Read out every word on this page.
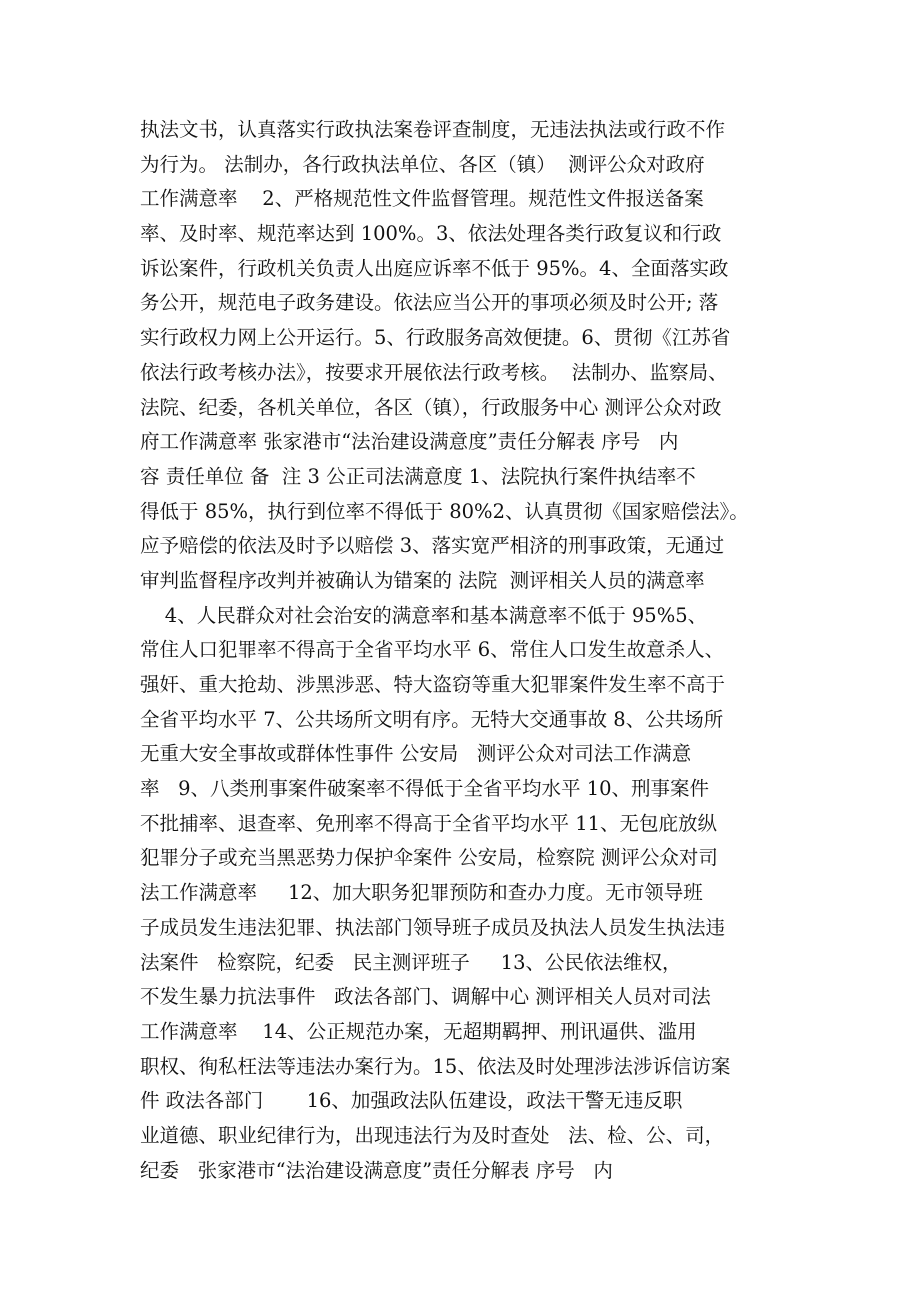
执法文书，认真落实行政执法案卷评查制度，无违法执法或行政不作
为行为。 法制办，各行政执法单位、各区（镇）  测评公众对政府
工作满意率    2、严格规范性文件监督管理。规范性文件报送备案
率、及时率、规范率达到 100%。3、依法处理各类行政复议和行政
诉讼案件，行政机关负责人出庭应诉率不低于 95%。4、全面落实政
务公开，规范电子政务建设。依法应当公开的事项必须及时公开; 落
实行政权力网上公开运行。5、行政服务高效便捷。6、贯彻《江苏省
依法行政考核办法》，按要求开展依法行政考核。  法制办、监察局、
法院、纪委，各机关单位，各区（镇），行政服务中心 测评公众对政
府工作满意率 张家港市“法治建设满意度”责任分解表 序号   内
容 责任单位 备  注 3 公正司法满意度 1、法院执行案件执结率不
得低于 85%，执行到位率不得低于 80%2、认真贯彻《国家赔偿法》。
应予赔偿的依法及时予以赔偿 3、落实宽严相济的刑事政策，无通过
审判监督程序改判并被确认为错案的 法院  测评相关人员的满意率
4、人民群众对社会治安的满意率和基本满意率不低于 95%5、
常住人口犯罪率不得高于全省平均水平 6、常住人口发生故意杀人、
强奸、重大抢劫、涉黑涉恶、特大盗窃等重大犯罪案件发生率不高于
全省平均水平 7、公共场所文明有序。无特大交通事故 8、公共场所
无重大安全事故或群体性事件 公安局   测评公众对司法工作满意
率   9、八类刑事案件破案率不得低于全省平均水平 10、刑事案件
不批捕率、退查率、免刑率不得高于全省平均水平 11、无包庇放纵
犯罪分子或充当黑恶势力保护伞案件 公安局，检察院 测评公众对司
法工作满意率     12、加大职务犯罪预防和查办力度。无市领导班
子成员发生违法犯罪、执法部门领导班子成员及执法人员发生执法违
法案件   检察院，纪委   民主测评班子     13、公民依法维权，
不发生暴力抗法事件   政法各部门、调解中心 测评相关人员对司法
工作满意率    14、公正规范办案，无超期羁押、刑讯逼供、滥用
职权、徇私枉法等违法办案行为。15、依法及时处理涉法涉诉信访案
件 政法各部门       16、加强政法队伍建设，政法干警无违反职
业道德、职业纪律行为，出现违法行为及时查处   法、检、公、司，
纪委   张家港市“法治建设满意度”责任分解表 序号   内
